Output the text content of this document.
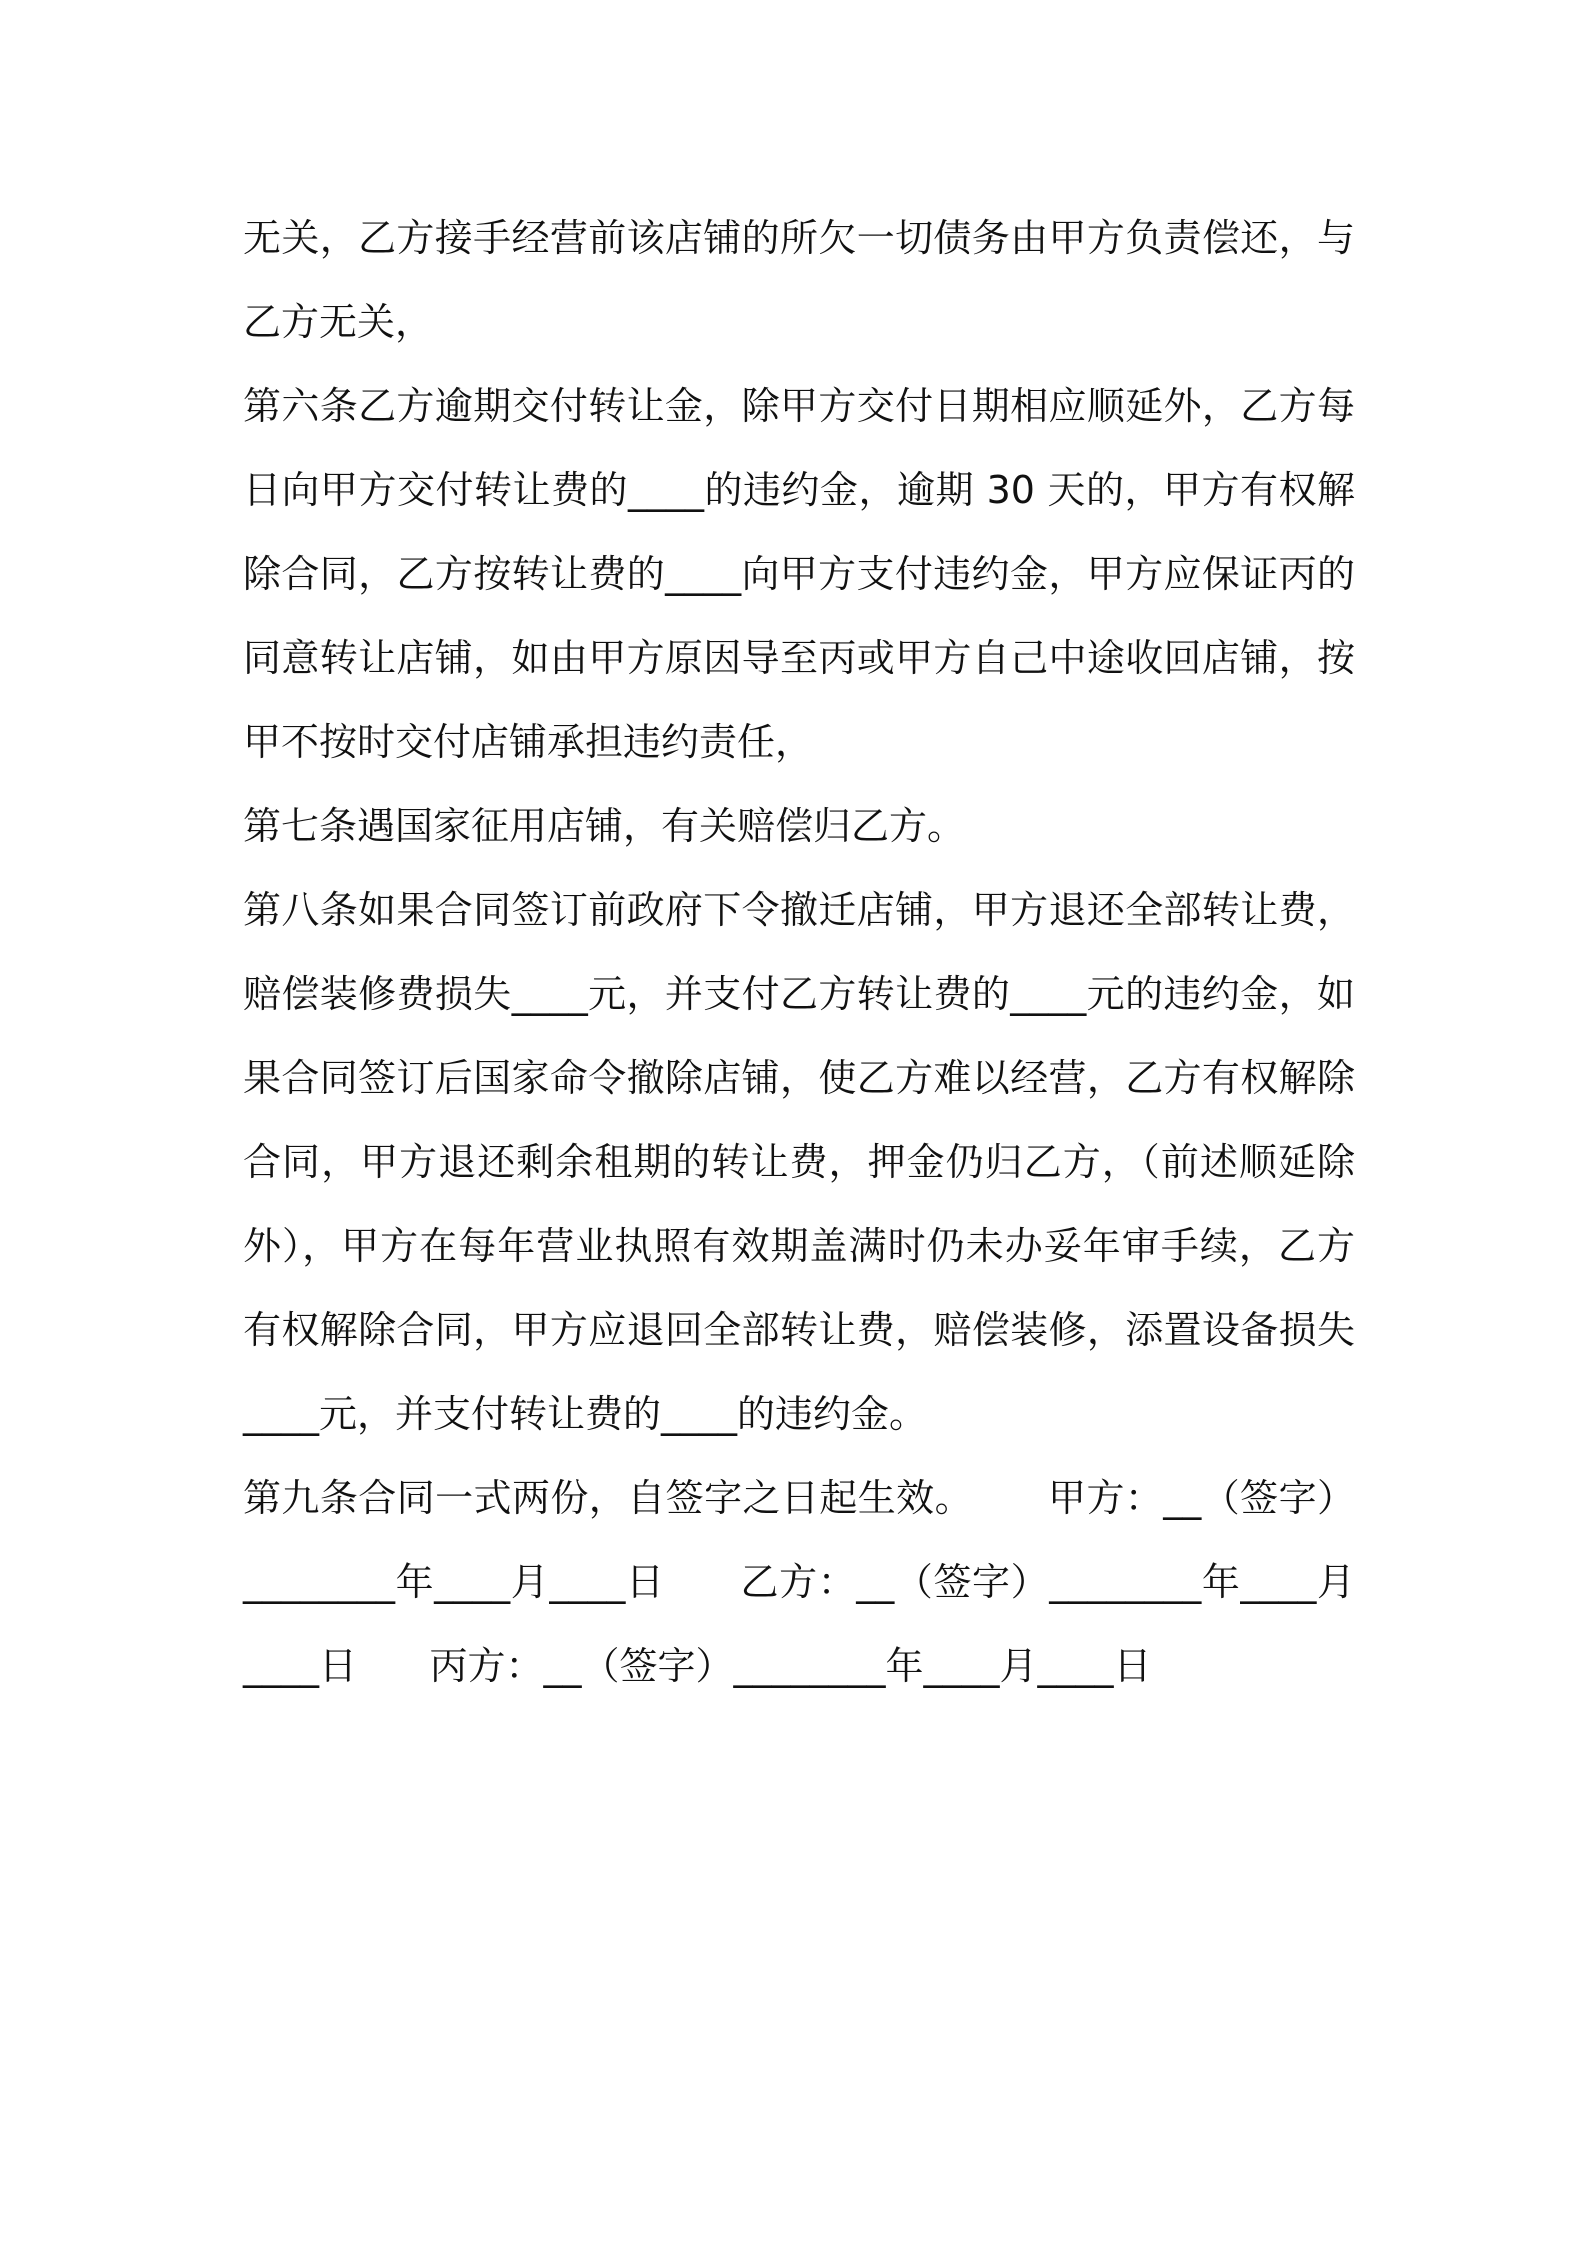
无关，乙方接手经营前该店铺的所欠一切债务由甲方负责偿还，与乙方无关，

第六条乙方逾期交付转让金，除甲方交付日期相应顺延外，乙方每日向甲方交付转让费的____的违约金，逾期 30 天的，甲方有权解除合同，乙方按转让费的____向甲方支付违约金，甲方应保证丙的同意转让店铺，如由甲方原因导至丙或甲方自己中途收回店铺，按甲不按时交付店铺承担违约责任，

第七条遇国家征用店铺，有关赔偿归乙方。

第八条如果合同签订前政府下令撤迁店铺，甲方退还全部转让费，赔偿装修费损失____元，并支付乙方转让费的____元的违约金，如果合同签订后国家命令撤除店铺，使乙方难以经营，乙方有权解除合同，甲方退还剩余租期的转让费，押金仍归乙方，（前述顺延除外），甲方在每年营业执照有效期盖满时仍未办妥年审手续，乙方有权解除合同，甲方应退回全部转让费，赔偿装修，添置设备损失____元，并支付转让费的____的违约金。

第九条合同一式两份，自签字之日起生效。      甲方：__（签字）________年____月____日      乙方：__（签字）________年____月____日      丙方：__（签字）________年____月____日
